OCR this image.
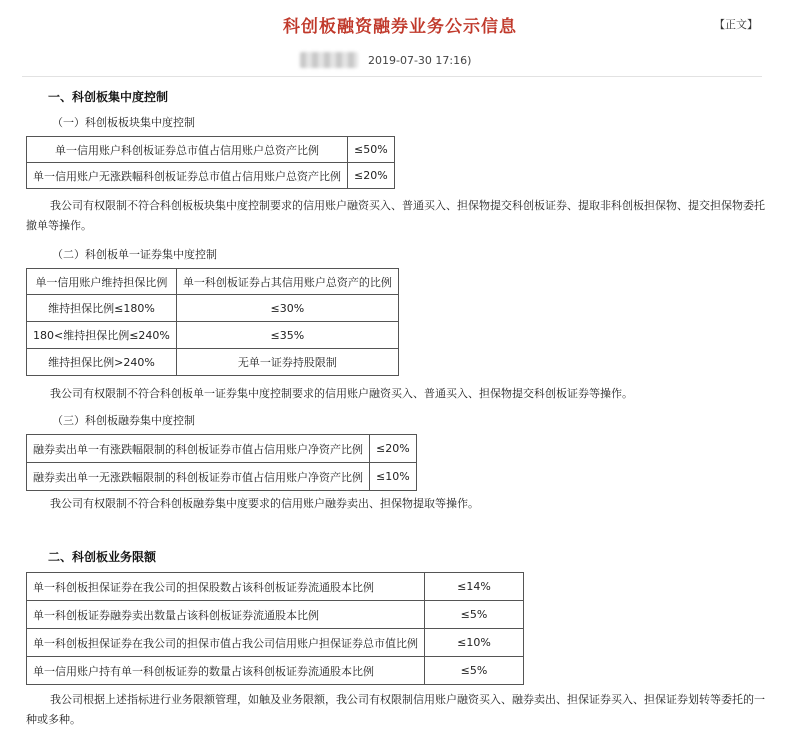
科创板融资融券业务公示信息	【正文】
2019-07-30 17:16)
一、科创板集中度控制
（一）科创板板块集中度控制
单一信用账户科创板证券总市值占信用账户总资产比例	≤50%
单一信用账户无涨跌幅科创板证券总市值占信用账户总资产比例	≤20%
我公司有权限制不符合科创板板块集中度控制要求的信用账户融资买入、普通买入、担保物提交科创板证券、提取非科创板担保物、提交担保物委托撤单等操作。
（二）科创板单一证券集中度控制
单一信用账户维持担保比例	单一科创板证券占其信用账户总资产的比例
维持担保比例≤180%	≤30%
180<维持担保比例≤240%	≤35%
维持担保比例>240%	无单一证券持股限制
我公司有权限制不符合科创板单一证券集中度控制要求的信用账户融资买入、普通买入、担保物提交科创板证券等操作。
（三）科创板融券集中度控制
融券卖出单一有涨跌幅限制的科创板证券市值占信用账户净资产比例	≤20%
融券卖出单一无涨跌幅限制的科创板证券市值占信用账户净资产比例	≤10%
我公司有权限制不符合科创板融券集中度要求的信用账户融券卖出、担保物提取等操作。
二、科创板业务限额
单一科创板担保证券在我公司的担保股数占该科创板证券流通股本比例	≤14%
单一科创板证券融券卖出数量占该科创板证券流通股本比例	≤5%
单一科创板担保证券在我公司的担保市值占我公司信用账户担保证券总市值比例	≤10%
单一信用账户持有单一科创板证券的数量占该科创板证券流通股本比例	≤5%
我公司根据上述指标进行业务限额管理，如触及业务限额，我公司有权限制信用账户融资买入、融券卖出、担保证券买入、担保证券划转等委托的一种或多种。
